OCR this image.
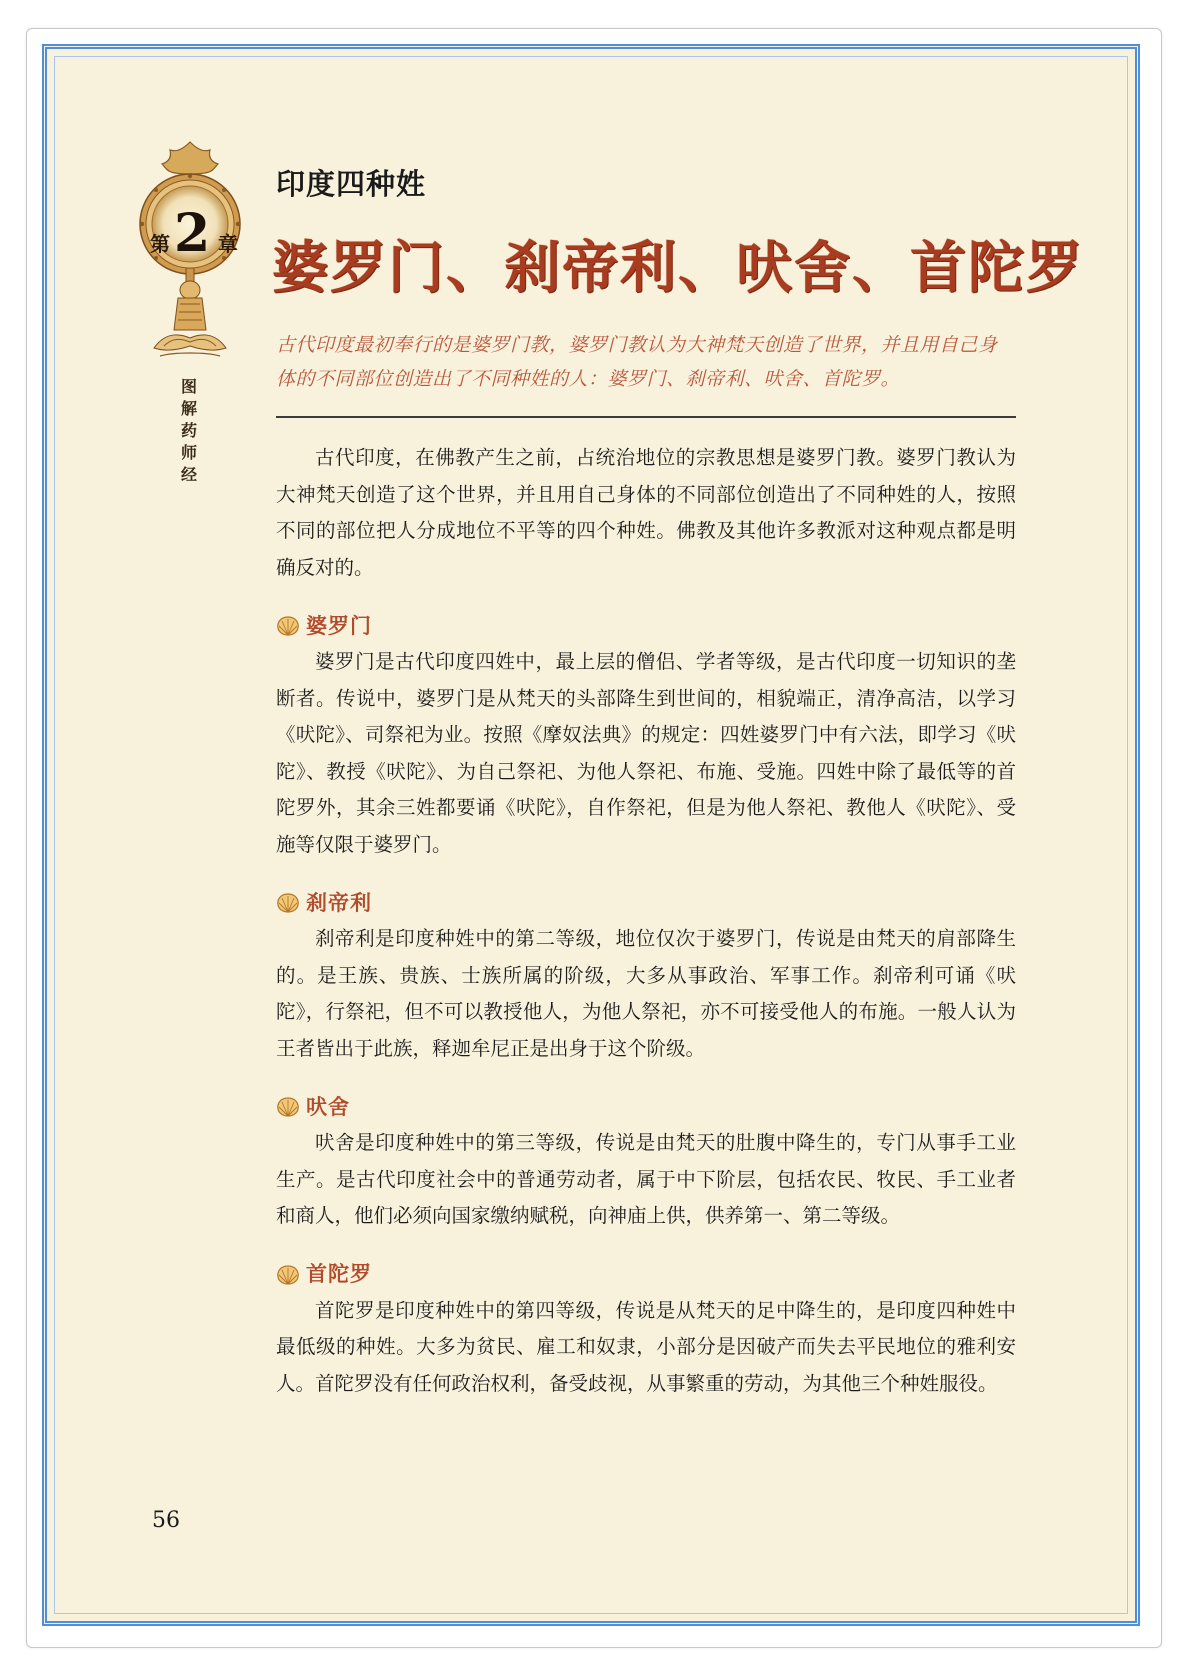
第 2 章
图解药师经
印度四种姓
婆罗门、刹帝利、吠舍、首陀罗
古代印度最初奉行的是婆罗门教，婆罗门教认为大神梵天创造了世界，并且用自己身体的不同部位创造出了不同种姓的人：婆罗门、刹帝利、吠舍、首陀罗。

古代印度，在佛教产生之前，占统治地位的宗教思想是婆罗门教。婆罗门教认为大神梵天创造了这个世界，并且用自己身体的不同部位创造出了不同种姓的人，按照不同的部位把人分成地位不平等的四个种姓。佛教及其他许多教派对这种观点都是明确反对的。

婆罗门

婆罗门是古代印度四姓中，最上层的僧侣、学者等级，是古代印度一切知识的垄断者。传说中，婆罗门是从梵天的头部降生到世间的，相貌端正，清净高洁，以学习《吠陀》、司祭祀为业。按照《摩奴法典》的规定：四姓婆罗门中有六法，即学习《吠陀》、教授《吠陀》、为自己祭祀、为他人祭祀、布施、受施。四姓中除了最低等的首陀罗外，其余三姓都要诵《吠陀》，自作祭祀，但是为他人祭祀、教他人《吠陀》、受施等仅限于婆罗门。

刹帝利

刹帝利是印度种姓中的第二等级，地位仅次于婆罗门，传说是由梵天的肩部降生的。是王族、贵族、士族所属的阶级，大多从事政治、军事工作。刹帝利可诵《吠陀》，行祭祀，但不可以教授他人，为他人祭祀，亦不可接受他人的布施。一般人认为王者皆出于此族，释迦牟尼正是出身于这个阶级。

吠舍

吠舍是印度种姓中的第三等级，传说是由梵天的肚腹中降生的，专门从事手工业生产。是古代印度社会中的普通劳动者，属于中下阶层，包括农民、牧民、手工业者和商人，他们必须向国家缴纳赋税，向神庙上供，供养第一、第二等级。

首陀罗

首陀罗是印度种姓中的第四等级，传说是从梵天的足中降生的，是印度四种姓中最低级的种姓。大多为贫民、雇工和奴隶，小部分是因破产而失去平民地位的雅利安人。首陀罗没有任何政治权利，备受歧视，从事繁重的劳动，为其他三个种姓服役。

56
